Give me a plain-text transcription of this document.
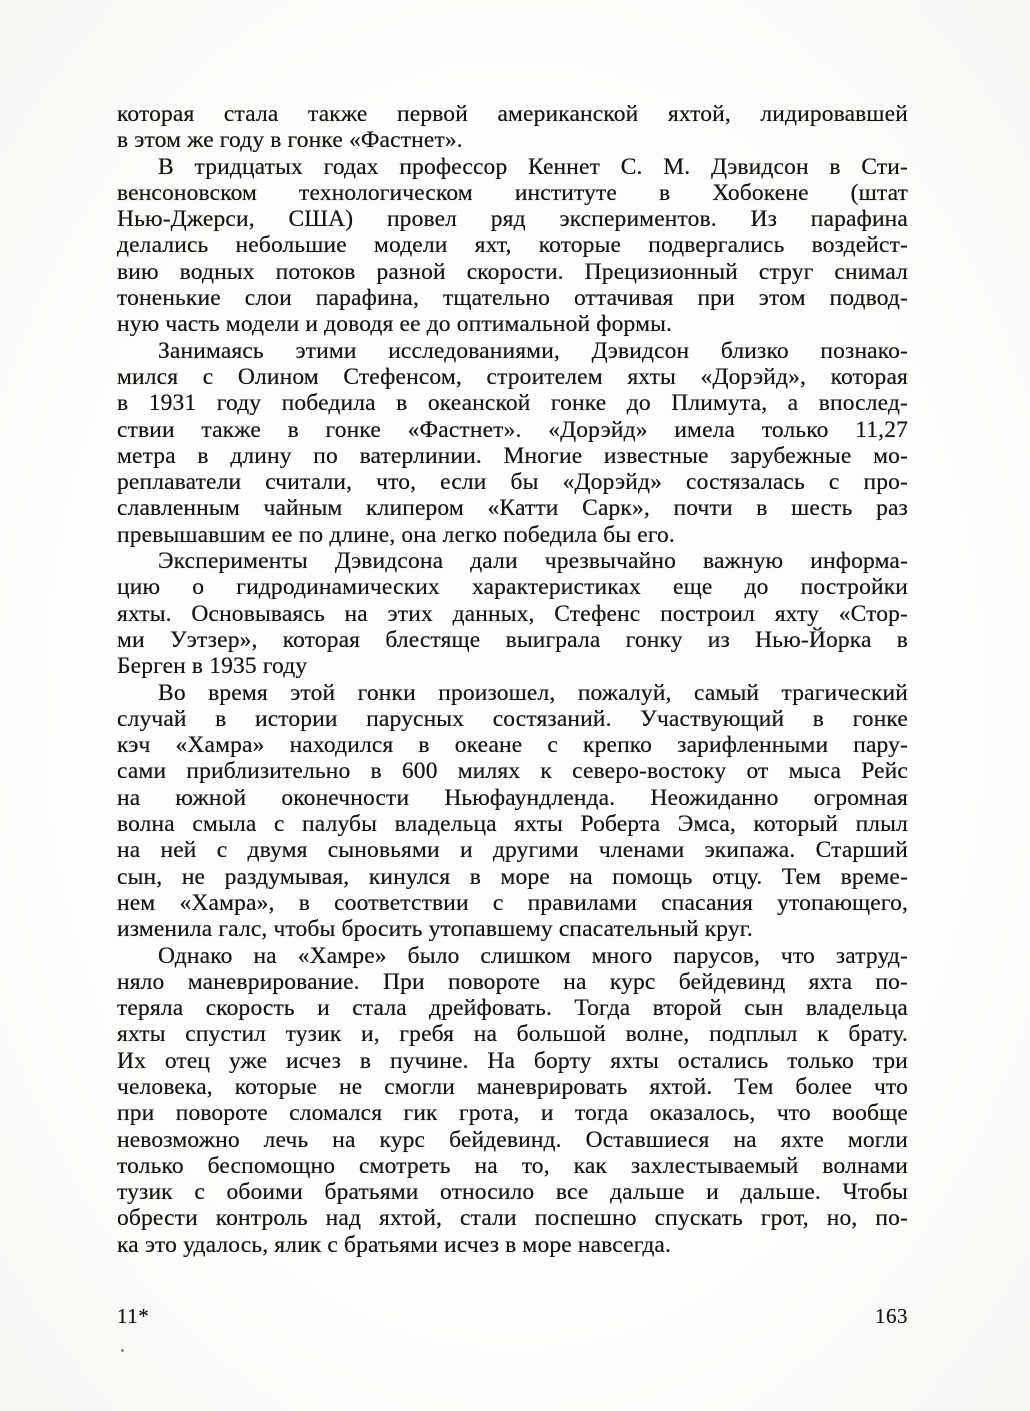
которая стала также первой американской яхтой, лидировавшей
в этом же году в гонке «Фастнет».
В тридцатых годах профессор Кеннет С. М. Дэвидсон в Сти-
венсоновском технологическом институте в Хобокене (штат
Нью-Джерси, США) провел ряд экспериментов. Из парафина
делались небольшие модели яхт, которые подвергались воздейст-
вию водных потоков разной скорости. Прецизионный струг снимал
тоненькие слои парафина, тщательно оттачивая при этом подвод-
ную часть модели и доводя ее до оптимальной формы.
Занимаясь этими исследованиями, Дэвидсон близко познако-
мился с Олином Стефенсом, строителем яхты «Дорэйд», которая
в 1931 году победила в океанской гонке до Плимута, а впослед-
ствии также в гонке «Фастнет». «Дорэйд» имела только 11,27
метра в длину по ватерлинии. Многие известные зарубежные мо-
реплаватели считали, что, если бы «Дорэйд» состязалась с про-
славленным чайным клипером «Катти Сарк», почти в шесть раз
превышавшим ее по длине, она легко победила бы его.
Эксперименты Дэвидсона дали чрезвычайно важную информа-
цию о гидродинамических характеристиках еще до постройки
яхты. Основываясь на этих данных, Стефенс построил яхту «Стор-
ми Уэтзер», которая блестяще выиграла гонку из Нью-Йорка в
Берген в 1935 году
Во время этой гонки произошел, пожалуй, самый трагический
случай в истории парусных состязаний. Участвующий в гонке
кэч «Хамра» находился в океане с крепко зарифленными пару-
сами приблизительно в 600 милях к северо-востоку от мыса Рейс
на южной оконечности Ньюфаундленда. Неожиданно огромная
волна смыла с палубы владельца яхты Роберта Эмса, который плыл
на ней с двумя сыновьями и другими членами экипажа. Старший
сын, не раздумывая, кинулся в море на помощь отцу. Тем време-
нем «Хамра», в соответствии с правилами спасания утопающего,
изменила галс, чтобы бросить утопавшему спасательный круг.
Однако на «Хамре» было слишком много парусов, что затруд-
няло маневрирование. При повороте на курс бейдевинд яхта по-
теряла скорость и стала дрейфовать. Тогда второй сын владельца
яхты спустил тузик и, гребя на большой волне, подплыл к брату.
Их отец уже исчез в пучине. На борту яхты остались только три
человека, которые не смогли маневрировать яхтой. Тем более что
при повороте сломался гик грота, и тогда оказалось, что вообще
невозможно лечь на курс бейдевинд. Оставшиеся на яхте могли
только беспомощно смотреть на то, как захлестываемый волнами
тузик с обоими братьями относило все дальше и дальше. Чтобы
обрести контроль над яхтой, стали поспешно спускать грот, но, по-
ка это удалось, ялик с братьями исчез в море навсегда.
11*	163
